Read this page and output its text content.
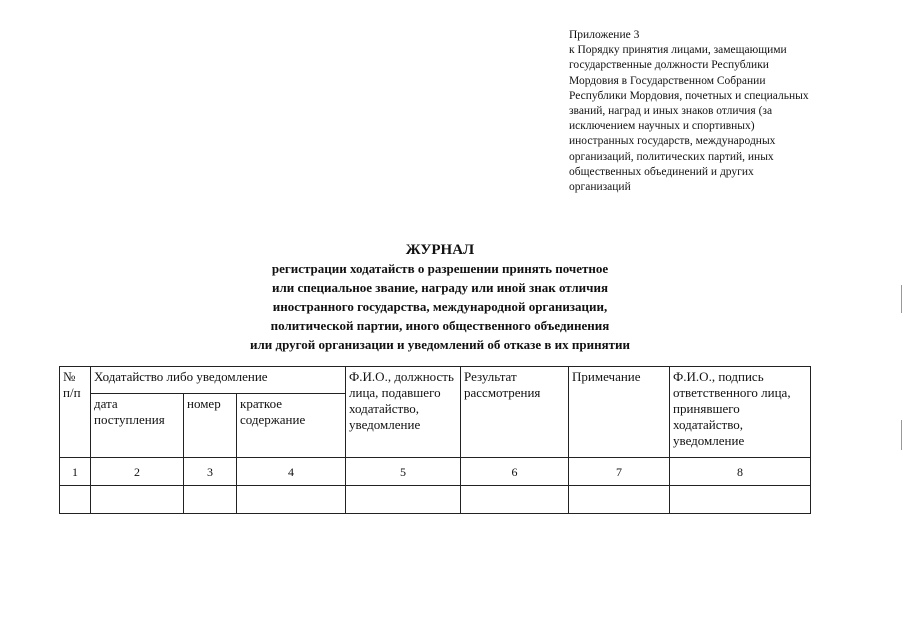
Приложение 3
к Порядку принятия лицами, замещающими
государственные должности Республики
Мордовия в Государственном Собрании
Республики Мордовия, почетных и специальных
званий, наград и иных знаков отличия (за
исключением научных и спортивных)
иностранных государств, международных
организаций, политических партий, иных
общественных объединений и других
организаций
ЖУРНАЛ
регистрации ходатайств о разрешении принять почетное
или специальное звание, награду или иной знак отличия
иностранного государства, международной организации,
политической партии, иного общественного объединения
или другой организации и уведомлений об отказе в их принятии
№ п/п	Ходатайство либо уведомление			Ф.И.О., должность лица, подавшего ходатайство, уведомление	Результат рассмотрения	Примечание	Ф.И.О., подпись ответственного лица, принявшего ходатайство, уведомление
	дата поступления	номер	краткое содержание				
1	2	3	4	5	6	7	8
